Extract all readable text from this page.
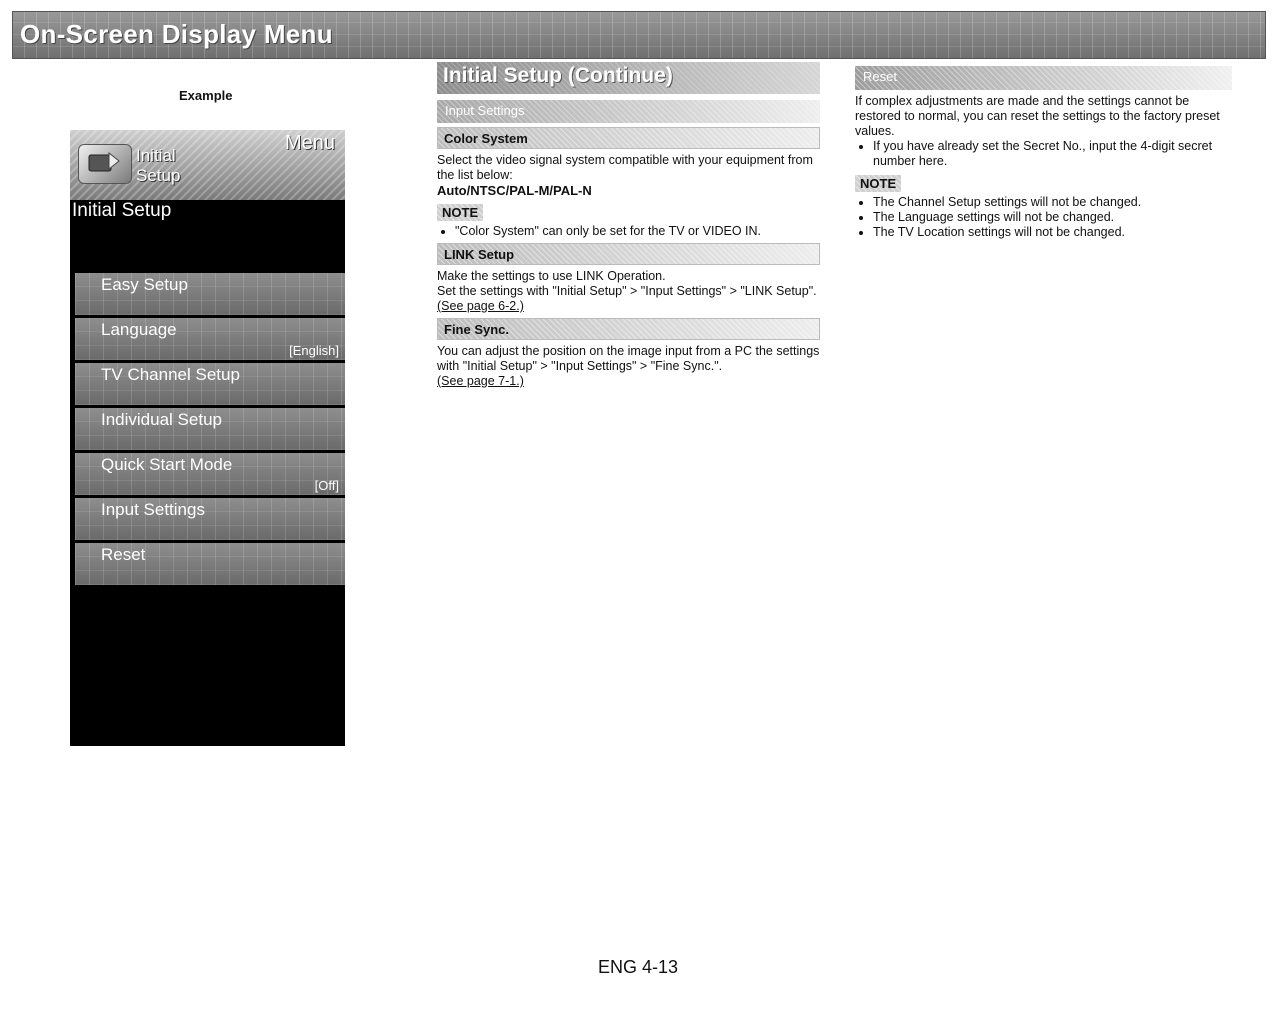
On-Screen Display Menu
Example
Initial
Setup
Menu
Initial Setup
Easy Setup
Language
[English]
TV Channel Setup
Individual Setup
Quick Start Mode
[Off]
Input Settings
Reset
Initial Setup (Continue)
Input Settings
Color System

Select the video signal system compatible with your equipment from the list below:

Auto/NTSC/PAL-M/PAL-N

NOTE
• "Color System" can only be set for the TV or VIDEO IN.
LINK Setup

Make the settings to use LINK Operation.

Set the settings with "Initial Setup" > "Input Settings" > "LINK Setup".

(See page 6-2.)

Fine Sync.

You can adjust the position on the image input from a PC the settings with "Initial Setup" > "Input Settings" > "Fine Sync.".

(See page 7-1.)

Reset

If complex adjustments are made and the settings cannot be restored to normal, you can reset the settings to the factory preset values.

• If you have already set the Secret No., input the 4-digit secret number here.
NOTE
• The Channel Setup settings will not be changed.
• The Language settings will not be changed.
• The TV Location settings will not be changed.
ENG 4-13
